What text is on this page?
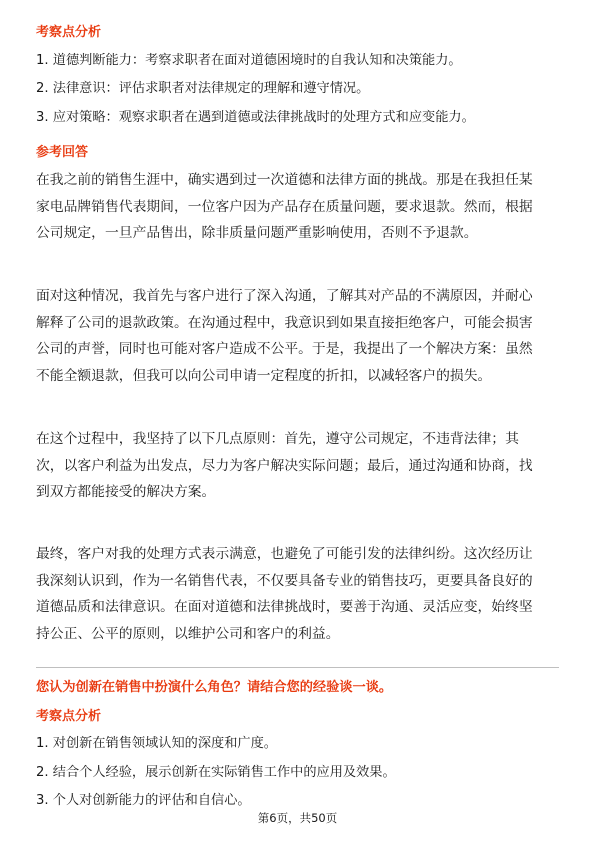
考察点分析
1. 道德判断能力：考察求职者在面对道德困境时的自我认知和决策能力。
2. 法律意识：评估求职者对法律规定的理解和遵守情况。
3. 应对策略：观察求职者在遇到道德或法律挑战时的处理方式和应变能力。
参考回答
在我之前的销售生涯中，确实遇到过一次道德和法律方面的挑战。那是在我担任某
家电品牌销售代表期间，一位客户因为产品存在质量问题，要求退款。然而，根据
公司规定，一旦产品售出，除非质量问题严重影响使用，否则不予退款。
面对这种情况，我首先与客户进行了深入沟通，了解其对产品的不满原因，并耐心
解释了公司的退款政策。在沟通过程中，我意识到如果直接拒绝客户，可能会损害
公司的声誉，同时也可能对客户造成不公平。于是，我提出了一个解决方案：虽然
不能全额退款，但我可以向公司申请一定程度的折扣，以减轻客户的损失。
在这个过程中，我坚持了以下几点原则：首先，遵守公司规定，不违背法律；其
次，以客户利益为出发点，尽力为客户解决实际问题；最后，通过沟通和协商，找
到双方都能接受的解决方案。
最终，客户对我的处理方式表示满意，也避免了可能引发的法律纠纷。这次经历让
我深刻认识到，作为一名销售代表，不仅要具备专业的销售技巧，更要具备良好的
道德品质和法律意识。在面对道德和法律挑战时，要善于沟通、灵活应变，始终坚
持公正、公平的原则，以维护公司和客户的利益。
您认为创新在销售中扮演什么角色？请结合您的经验谈一谈。
考察点分析
1. 对创新在销售领域认知的深度和广度。
2. 结合个人经验，展示创新在实际销售工作中的应用及效果。
3. 个人对创新能力的评估和自信心。
第6页，共50页
